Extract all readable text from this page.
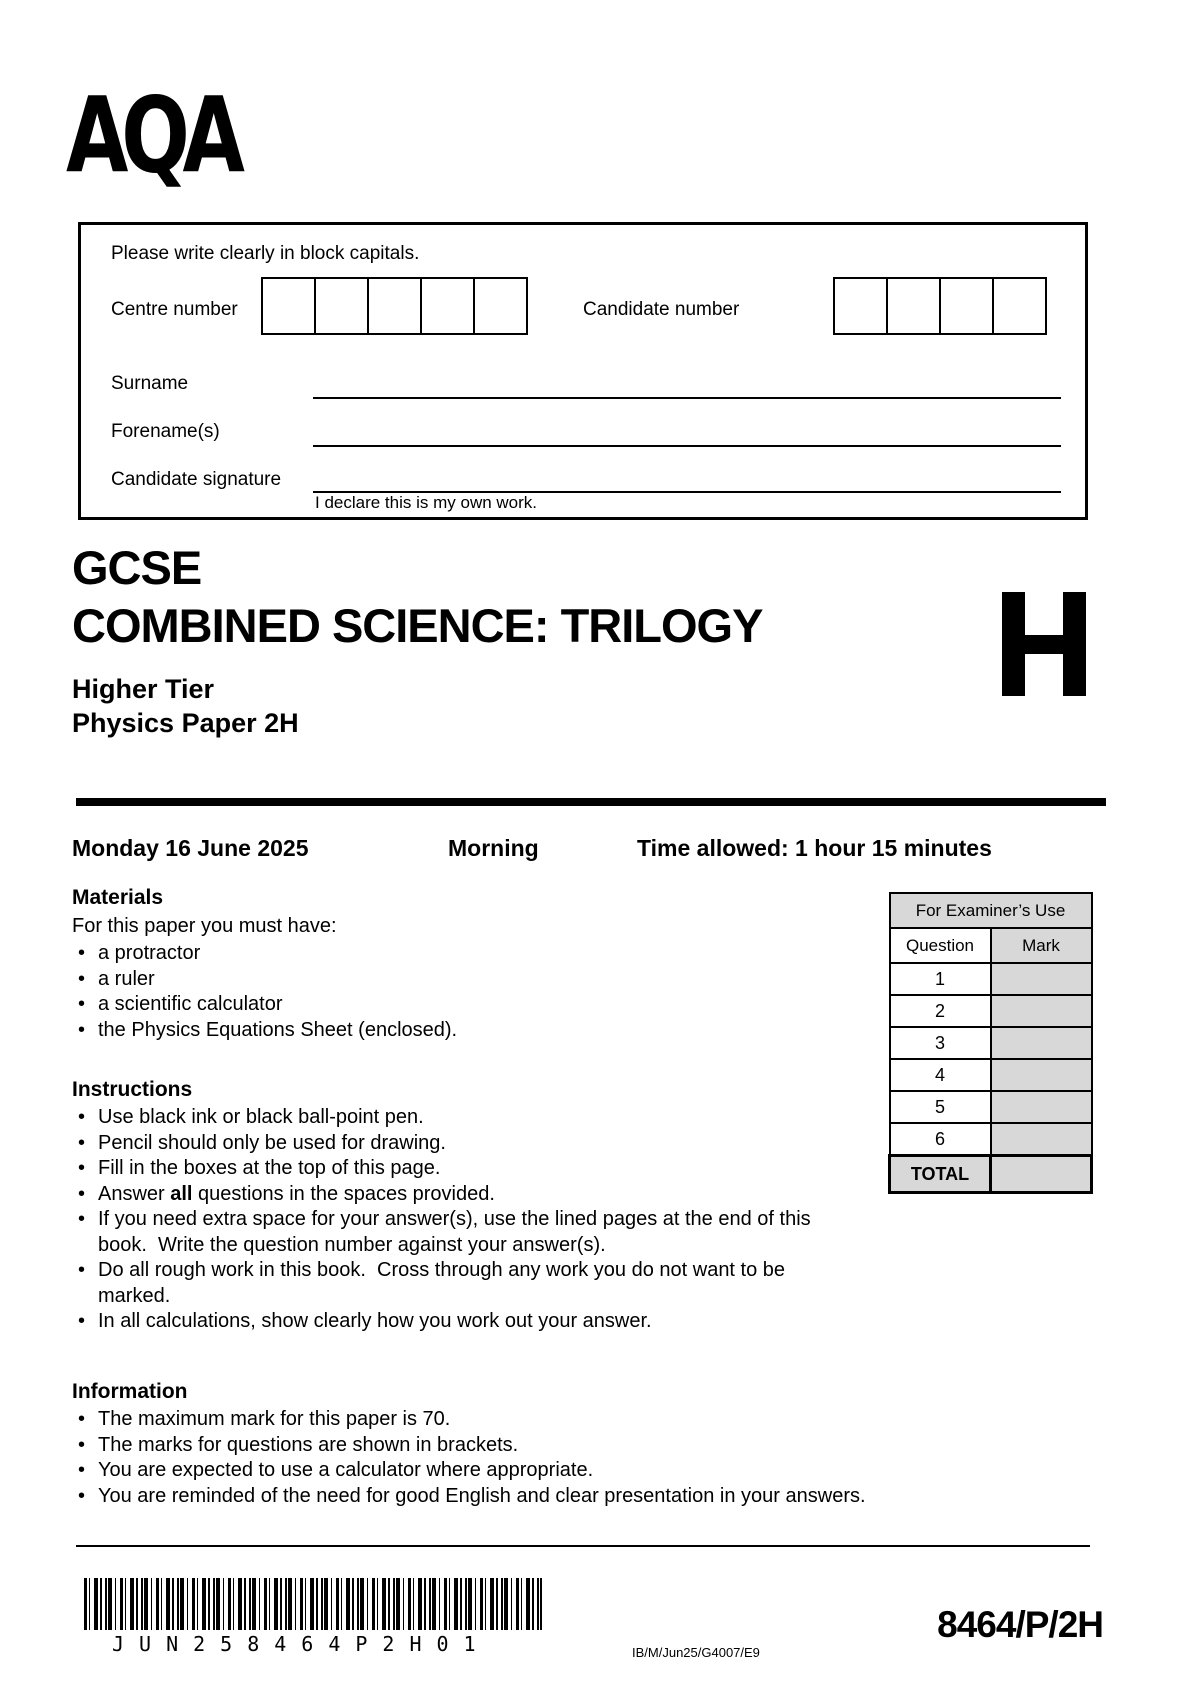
AQA
Please write clearly in block capitals.
Centre number	Candidate number
Surname
Forename(s)
Candidate signature
I declare this is my own work.
GCSE
COMBINED SCIENCE: TRILOGY
Higher Tier
Physics Paper 2H
Monday 16 June 2025	Morning	Time allowed: 1 hour 15 minutes
Materials

For this paper you must have:

• a protractor
• a ruler
• a scientific calculator
• the Physics Equations Sheet (enclosed).
Instructions
• Use black ink or black ball-point pen.
• Pencil should only be used for drawing.
• Fill in the boxes at the top of this page.
• Answer all questions in the spaces provided.
• If you need extra space for your answer(s), use the lined pages at the end of this book.  Write the question number against your answer(s).
• Do all rough work in this book.  Cross through any work you do not want to be marked.
• In all calculations, show clearly how you work out your answer.
Information
• The maximum mark for this paper is 70.
• The marks for questions are shown in brackets.
• You are expected to use a calculator where appropriate.
• You are reminded of the need for good English and clear presentation in your answers.
For Examiner’s Use	
Question	Mark
1	
2	
3	
4	
5	
6	
TOTAL	
JUN258464P2H01	IB/M/Jun25/G4007/E9
8464/P/2H
